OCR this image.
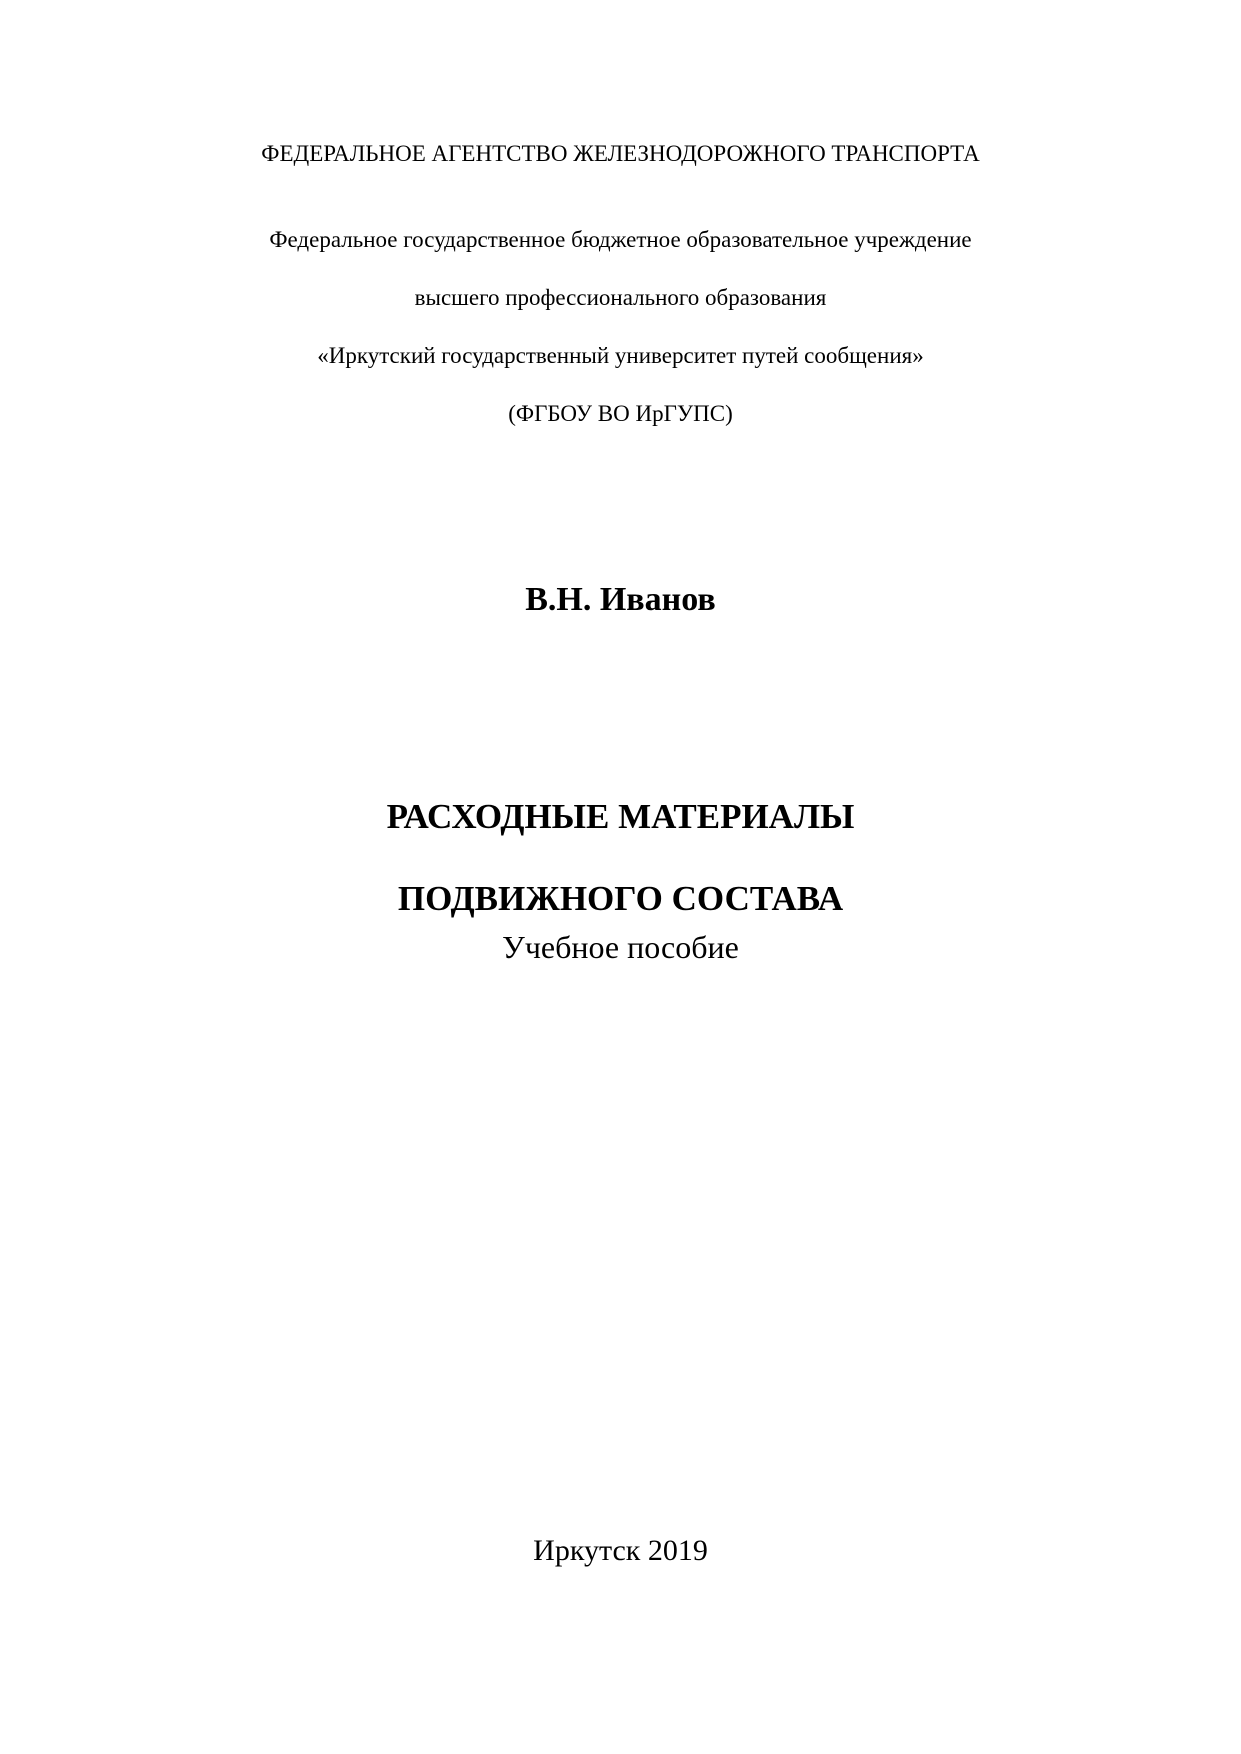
ФЕДЕРАЛЬНОЕ АГЕНТСТВО ЖЕЛЕЗНОДОРОЖНОГО ТРАНСПОРТА

Федеральное государственное бюджетное образовательное учреждение

высшего профессионального образования

«Иркутский государственный университет путей сообщения»

(ФГБОУ ВО ИрГУПС)

В.Н. Иванов

РАСХОДНЫЕ МАТЕРИАЛЫ

ПОДВИЖНОГО СОСТАВА

Учебное пособие
Иркутск 2019
